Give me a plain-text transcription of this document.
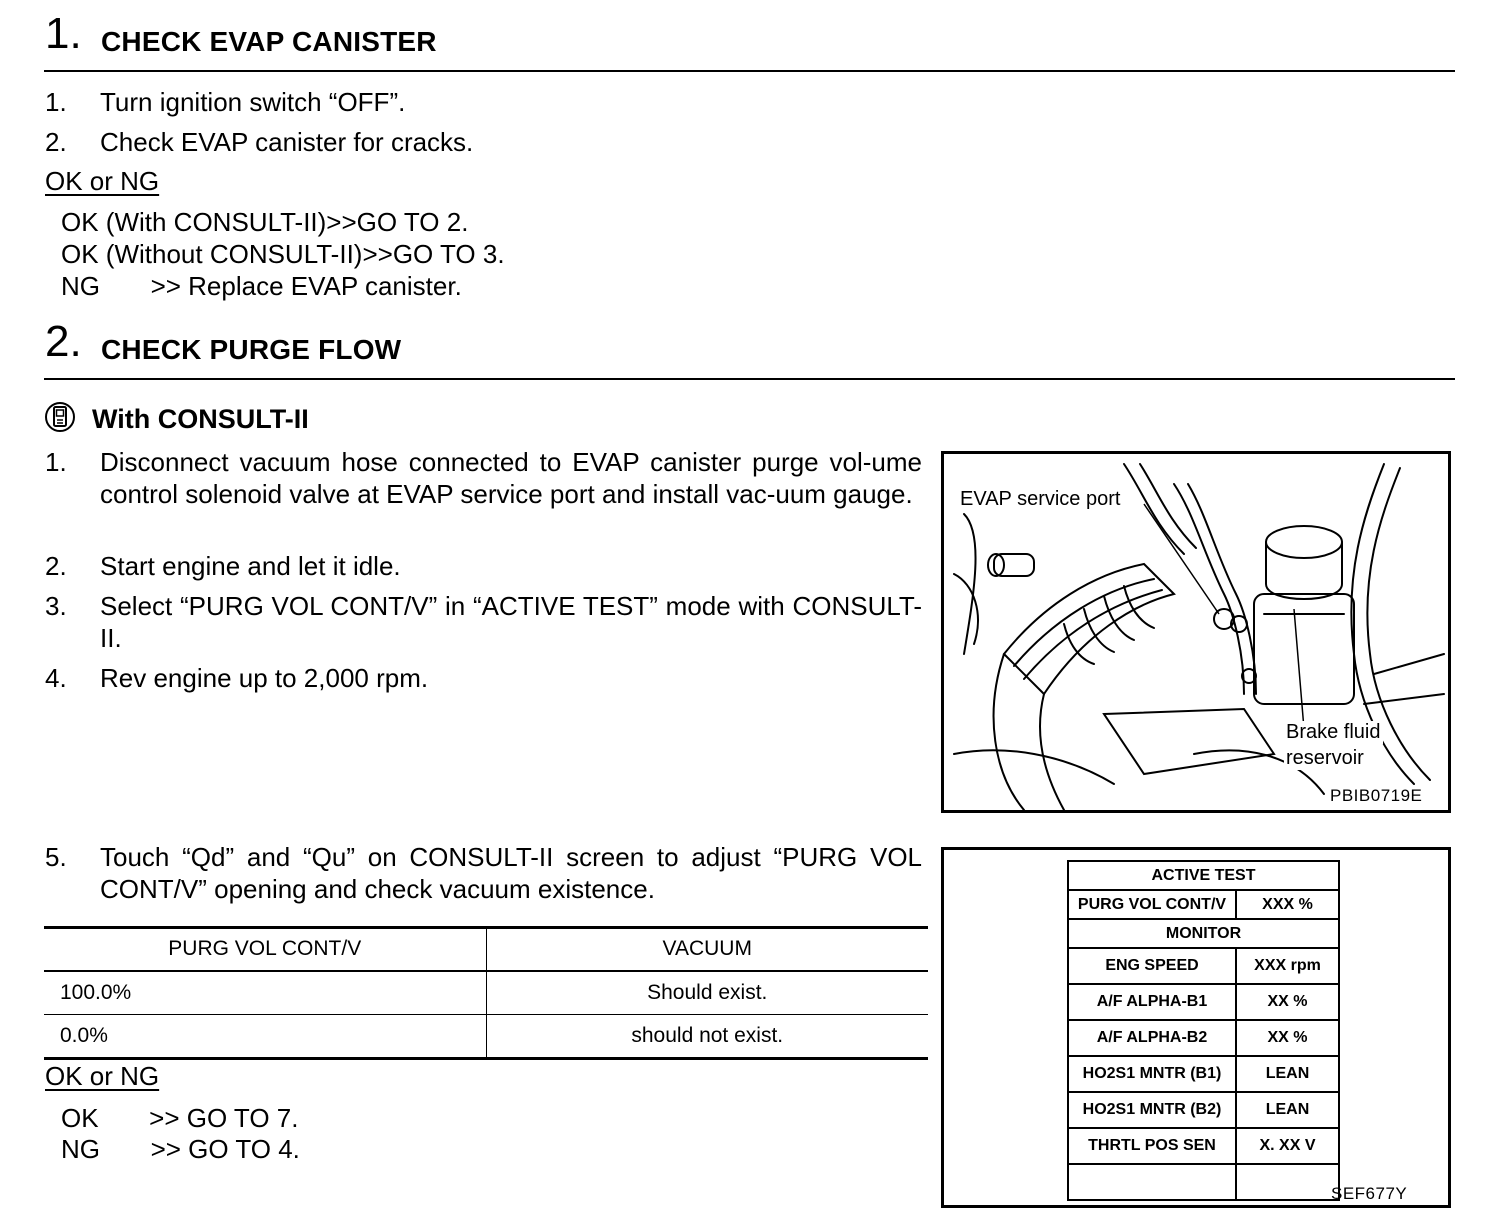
1. CHECK EVAP CANISTER
1. Turn ignition switch “OFF”.
2. Check EVAP canister for cracks.
OK or NG
OK (With CONSULT-II)>>GO TO 2.
OK (Without CONSULT-II)>>GO TO 3.
NG       >> Replace EVAP canister.
2. CHECK PURGE FLOW
With CONSULT-II
1. Disconnect vacuum hose connected to EVAP canister purge vol-ume control solenoid valve at EVAP service port and install vac-uum gauge.
2. Start engine and let it idle.
3. Select “PURG VOL CONT/V” in “ACTIVE TEST” mode with CONSULT-II.
4. Rev engine up to 2,000 rpm.
5. Touch “Qd” and “Qu” on CONSULT-II screen to adjust “PURG VOL CONT/V” opening and check vacuum existence.
PURG VOL CONT/V	VACUUM
100.0%	Should exist.
0.0%	should not exist.
OK or NG
OK       >> GO TO 7.
NG       >> GO TO 4.
EVAP service port
Brake fluid
reservoir
PBIB0719E
ACTIVE TEST	
PURG VOL CONT/V	XXX %
MONITOR	
ENG SPEED	XXX rpm
A/F ALPHA-B1	XX %
A/F ALPHA-B2	XX %
HO2S1 MNTR (B1)	LEAN
HO2S1 MNTR (B2)	LEAN
THRTL POS SEN	X. XX V

SEF677Y
